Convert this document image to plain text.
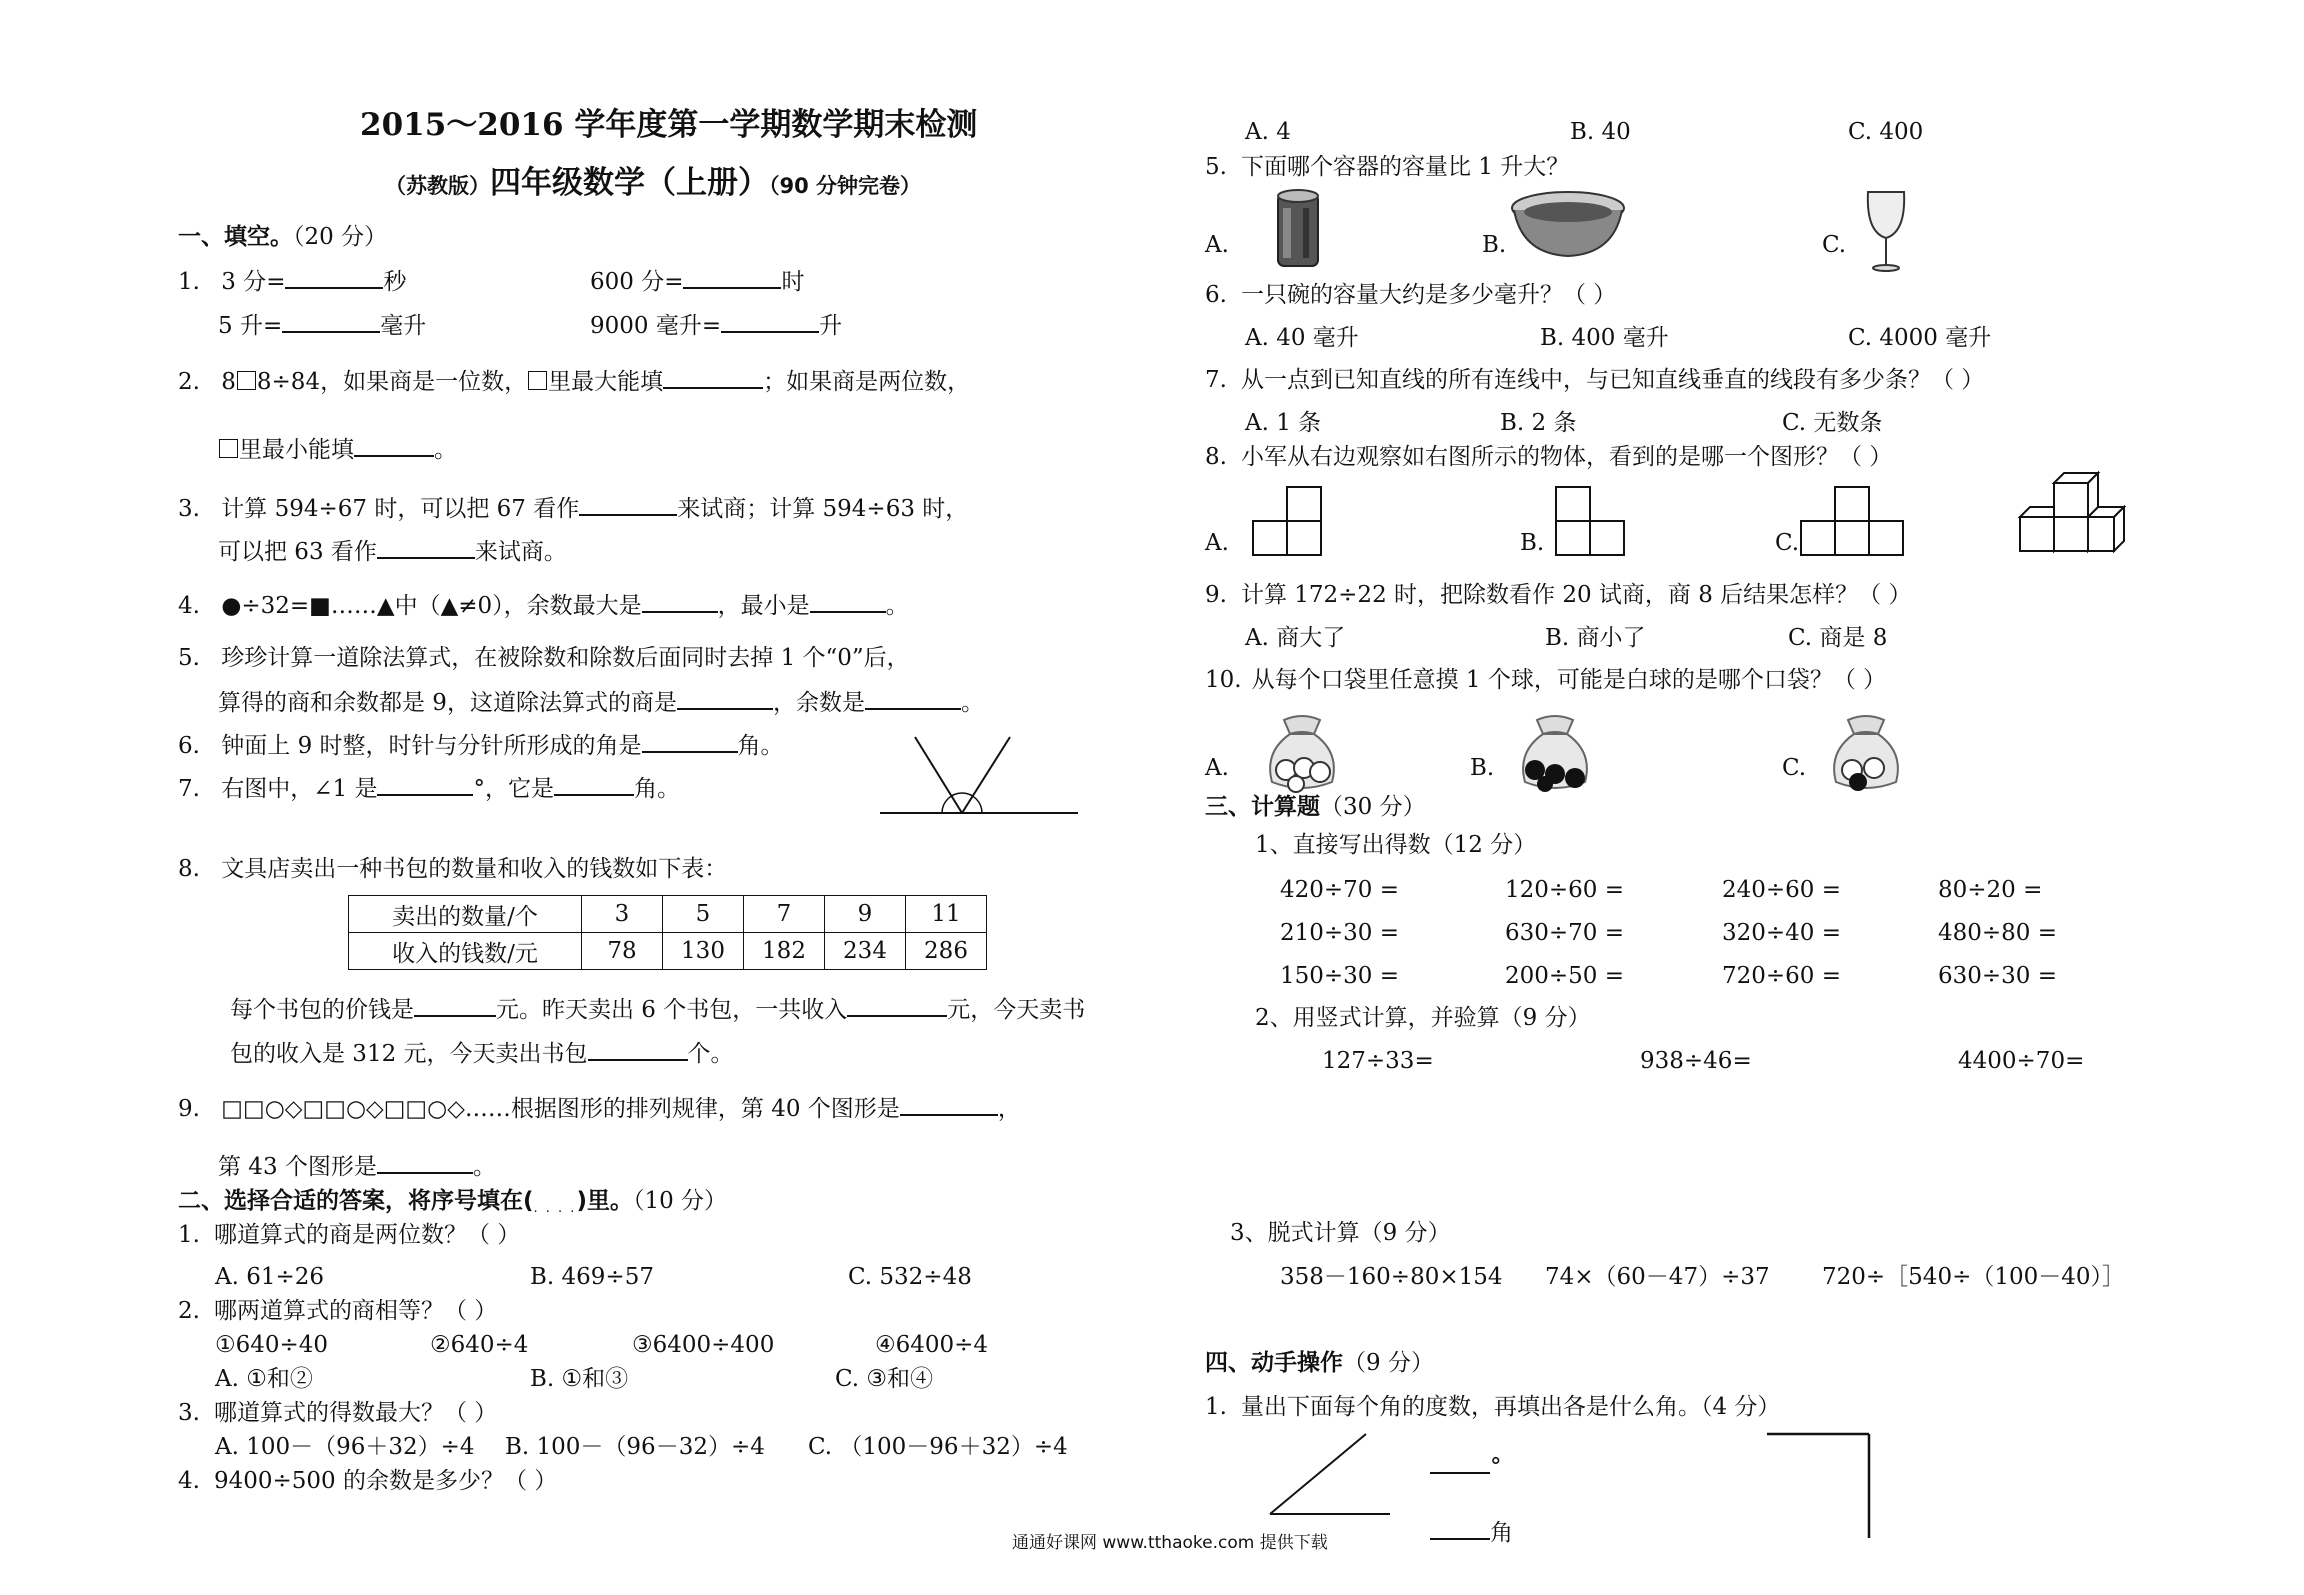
2015～2016 学年度第一学期数学期末检测
（苏教版）四年级数学（上册）（90 分钟完卷）
一、填空。（20 分）
1. 3 分=	秒	600 分=	时
5 升=	毫升	9000 毫升=	升
2. 8 8÷84，如果商是一位数， 里最大能填	；如果商是两位数，
里最小能填	。
3. 计算 594÷67 时，可以把 67 看作	来试商；计算 594÷63 时，
可以把 63 看作	来试商。
4. ●÷32=■……▲中（▲≠0），余数最大是	，最小是	。
5. 珍珍计算一道除法算式，在被除数和除数后面同时去掉 1 个“0”后，
算得的商和余数都是 9，这道除法算式的商是	，余数是	。
6. 钟面上 9 时整，时针与分针所形成的角是	角。
7. 右图中，∠1 是	°，它是	角。
8. 文具店卖出一种书包的数量和收入的钱数如下表：
卖出的数量/个	3	5	7	9	11
收入的钱数/元	78	130	182	234	286
每个书包的价钱是	元。昨天卖出 6 个书包，一共收入	元，今天卖书
包的收入是 312 元，今天卖出书包	个。
9. □□○◇□□○◇□□○◇……根据图形的排列规律，第 40 个图形是	，
第 43 个图形是	。
二、选择合适的答案，将序号填在(. . . .)里。（10 分）
1. 哪道算式的商是两位数？（ ）
A. 61÷26	B. 469÷57	C. 532÷48
2. 哪两道算式的商相等？（ ）
①640÷40	②640÷4	③6400÷400	④6400÷4
A. ①和②	B. ①和③	C. ③和④
3. 哪道算式的得数最大？（ ）
A. 100－（96＋32）÷4 B. 100－（96－32）÷4 C. （100－96＋32）÷4
4. 9400÷500 的余数是多少？（ ）
A. 4	B. 40	C. 400
5. 下面哪个容器的容量比 1 升大？
A.	B.	C.
6. 一只碗的容量大约是多少毫升？（ ）
A. 40 毫升	B. 400 毫升	C. 4000 毫升
7. 从一点到已知直线的所有连线中，与已知直线垂直的线段有多少条？（ ）
A. 1 条	B. 2 条	C. 无数条
8. 小军从右边观察如右图所示的物体，看到的是哪一个图形？（ ）
A.	B.	C.
9. 计算 172÷22 时，把除数看作 20 试商，商 8 后结果怎样？（ ）
A. 商大了	B. 商小了	C. 商是 8
10. 从每个口袋里任意摸 1 个球，可能是白球的是哪个口袋？（ ）
A.	B.	C.
三、计算题（30 分）
1、直接写出得数（12 分）
420÷70 =	120÷60 =	240÷60 =	80÷20 =
210÷30 =	630÷70 =	320÷40 =	480÷80 =
150÷30 =	200÷50 =	720÷60 =	630÷30 =
2、用竖式计算，并验算（9 分）
127÷33=	938÷46=	4400÷70=
3、脱式计算（9 分）
358－160÷80×154 74×（60－47）÷37 720÷［540÷（100－40）］
四、动手操作（9 分）
1. 量出下面每个角的度数，再填出各是什么角。（4 分）
°
角
通通好课网 www.tthaoke.com 提供下载
